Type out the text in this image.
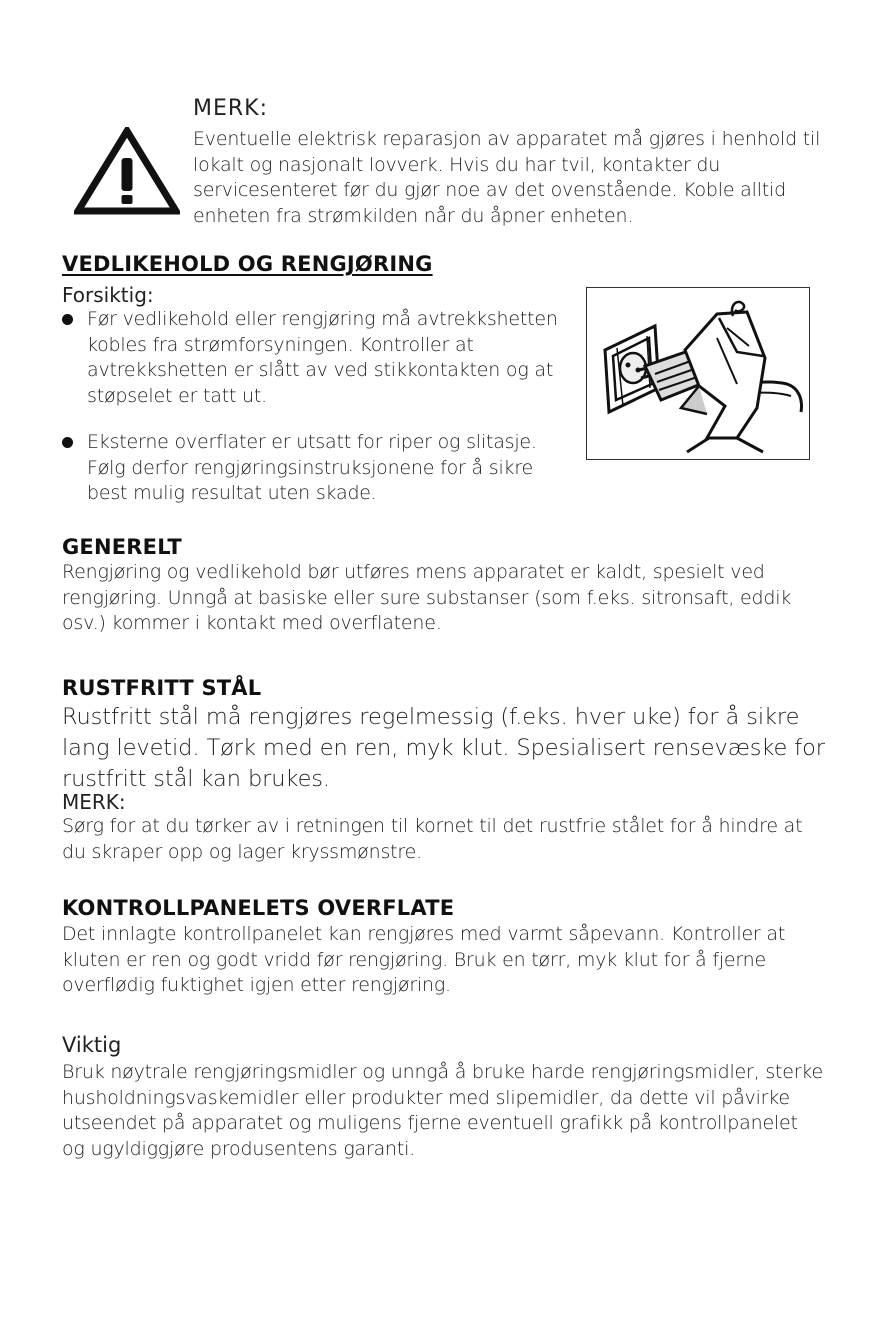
MERK:

Eventuelle elektrisk reparasjon av apparatet må gjøres i henhold til

lokalt og nasjonalt lovverk. Hvis du har tvil, kontakter du

servicesenteret før du gjør noe av det ovenstående. Koble alltid

enheten fra strømkilden når du åpner enheten.

VEDLIKEHOLD OG RENGJØRING
Forsiktig:

Før vedlikehold eller rengjøring må avtrekkshetten

kobles fra strømforsyningen. Kontroller at

avtrekkshetten er slått av ved stikkontakten og at

støpselet er tatt ut.

Eksterne overflater er utsatt for riper og slitasje.

Følg derfor rengjøringsinstruksjonene for å sikre

best mulig resultat uten skade.

GENERELT

Rengjøring og vedlikehold bør utføres mens apparatet er kaldt, spesielt ved

rengjøring. Unngå at basiske eller sure substanser (som f.eks. sitronsaft, eddik

osv.) kommer i kontakt med overflatene.

RUSTFRITT STÅL

Rustfritt stål må rengjøres regelmessig (f.eks. hver uke) for å sikre

lang levetid. Tørk med en ren, myk klut. Spesialisert rensevæske for

rustfritt stål kan brukes.

MERK:

Sørg for at du tørker av i retningen til kornet til det rustfrie stålet for å hindre at

du skraper opp og lager kryssmønstre.

KONTROLLPANELETS OVERFLATE

Det innlagte kontrollpanelet kan rengjøres med varmt såpevann. Kontroller at

kluten er ren og godt vridd før rengjøring. Bruk en tørr, myk klut for å fjerne

overflødig fuktighet igjen etter rengjøring.

Viktig

Bruk nøytrale rengjøringsmidler og unngå å bruke harde rengjøringsmidler, sterke

husholdningsvaskemidler eller produkter med slipemidler, da dette vil påvirke

utseendet på apparatet og muligens fjerne eventuell grafikk på kontrollpanelet

og ugyldiggjøre produsentens garanti.
